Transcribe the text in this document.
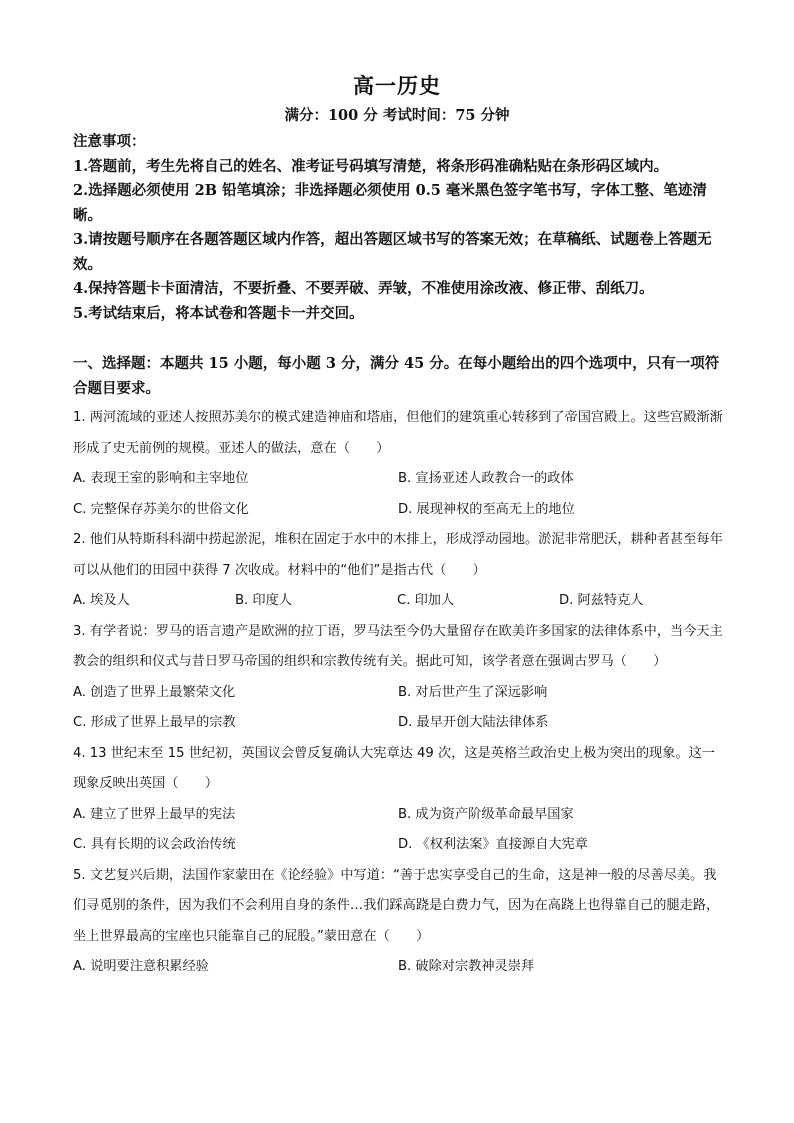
高一历史
满分：100 分 考试时间：75 分钟
注意事项：
1.答题前，考生先将自己的姓名、准考证号码填写清楚，将条形码准确粘贴在条形码区域内。
2.选择题必须使用 2B 铅笔填涂；非选择题必须使用 0.5 毫米黑色签字笔书写，字体工整、笔迹清晰。
3.请按题号顺序在各题答题区域内作答，超出答题区域书写的答案无效；在草稿纸、试题卷上答题无效。
4.保持答题卡卡面清洁，不要折叠、不要弄破、弄皱，不准使用涂改液、修正带、刮纸刀。
5.考试结束后，将本试卷和答题卡一并交回。
一、选择题：本题共 15 小题，每小题 3 分，满分 45 分。在每小题给出的四个选项中，只有一项符合题目要求。

1. 两河流域的亚述人按照苏美尔的模式建造神庙和塔庙，但他们的建筑重心转移到了帝国宫殿上。这些宫殿渐渐形成了史无前例的规模。亚述人的做法，意在（　　）

A. 表现王室的影响和主宰地位	B. 宣扬亚述人政教合一的政体
C. 完整保存苏美尔的世俗文化	D. 展现神权的至高无上的地位

2. 他们从特斯科科湖中捞起淤泥，堆积在固定于水中的木排上，形成浮动园地。淤泥非常肥沃，耕种者甚至每年可以从他们的田园中获得 7 次收成。材料中的“他们”是指古代（　　）

A. 埃及人	B. 印度人	C. 印加人	D. 阿兹特克人

3. 有学者说：罗马的语言遗产是欧洲的拉丁语，罗马法至今仍大量留存在欧美许多国家的法律体系中，当今天主教会的组织和仪式与昔日罗马帝国的组织和宗教传统有关。据此可知，该学者意在强调古罗马（　　）

A. 创造了世界上最繁荣文化	B. 对后世产生了深远影响
C. 形成了世界上最早的宗教	D. 最早开创大陆法律体系

4. 13 世纪末至 15 世纪初，英国议会曾反复确认大宪章达 49 次，这是英格兰政治史上极为突出的现象。这一现象反映出英国（　　）

A. 建立了世界上最早的宪法	B. 成为资产阶级革命最早国家
C. 具有长期的议会政治传统	D. 《权利法案》直接源自大宪章

5. 文艺复兴后期，法国作家蒙田在《论经验》中写道：“善于忠实享受自己的生命，这是神一般的尽善尽美。我们寻觅别的条件，因为我们不会利用自身的条件…我们踩高跷是白费力气，因为在高跷上也得靠自己的腿走路，坐上世界最高的宝座也只能靠自己的屁股。”蒙田意在（　　）

A. 说明要注意积累经验	B. 破除对宗教神灵崇拜
